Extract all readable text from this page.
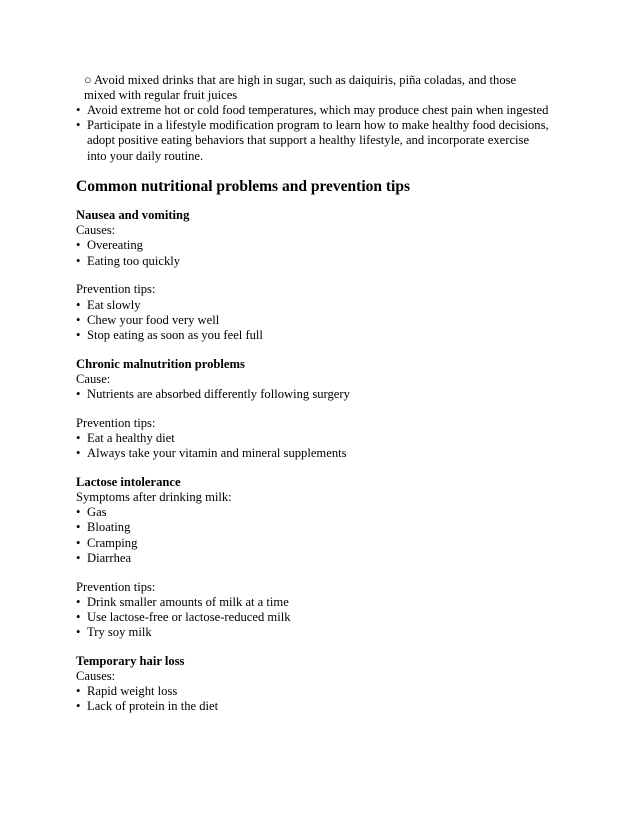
○ Avoid mixed drinks that are high in sugar, such as daiquiris, piña coladas, and those mixed with regular fruit juices

• Avoid extreme hot or cold food temperatures, which may produce chest pain when ingested
• Participate in a lifestyle modification program to learn how to make healthy food decisions, adopt positive eating behaviors that support a healthy lifestyle, and incorporate exercise into your daily routine.
Common nutritional problems and prevention tips
Nausea and vomiting

Causes:

• Overeating
• Eating too quickly

Prevention tips:

• Eat slowly
• Chew your food very well
• Stop eating as soon as you feel full
Chronic malnutrition problems

Cause:

• Nutrients are absorbed differently following surgery

Prevention tips:

• Eat a healthy diet
• Always take your vitamin and mineral supplements
Lactose intolerance

Symptoms after drinking milk:

• Gas
• Bloating
• Cramping
• Diarrhea

Prevention tips:

• Drink smaller amounts of milk at a time
• Use lactose-free or lactose-reduced milk
• Try soy milk
Temporary hair loss

Causes:

• Rapid weight loss
• Lack of protein in the diet
